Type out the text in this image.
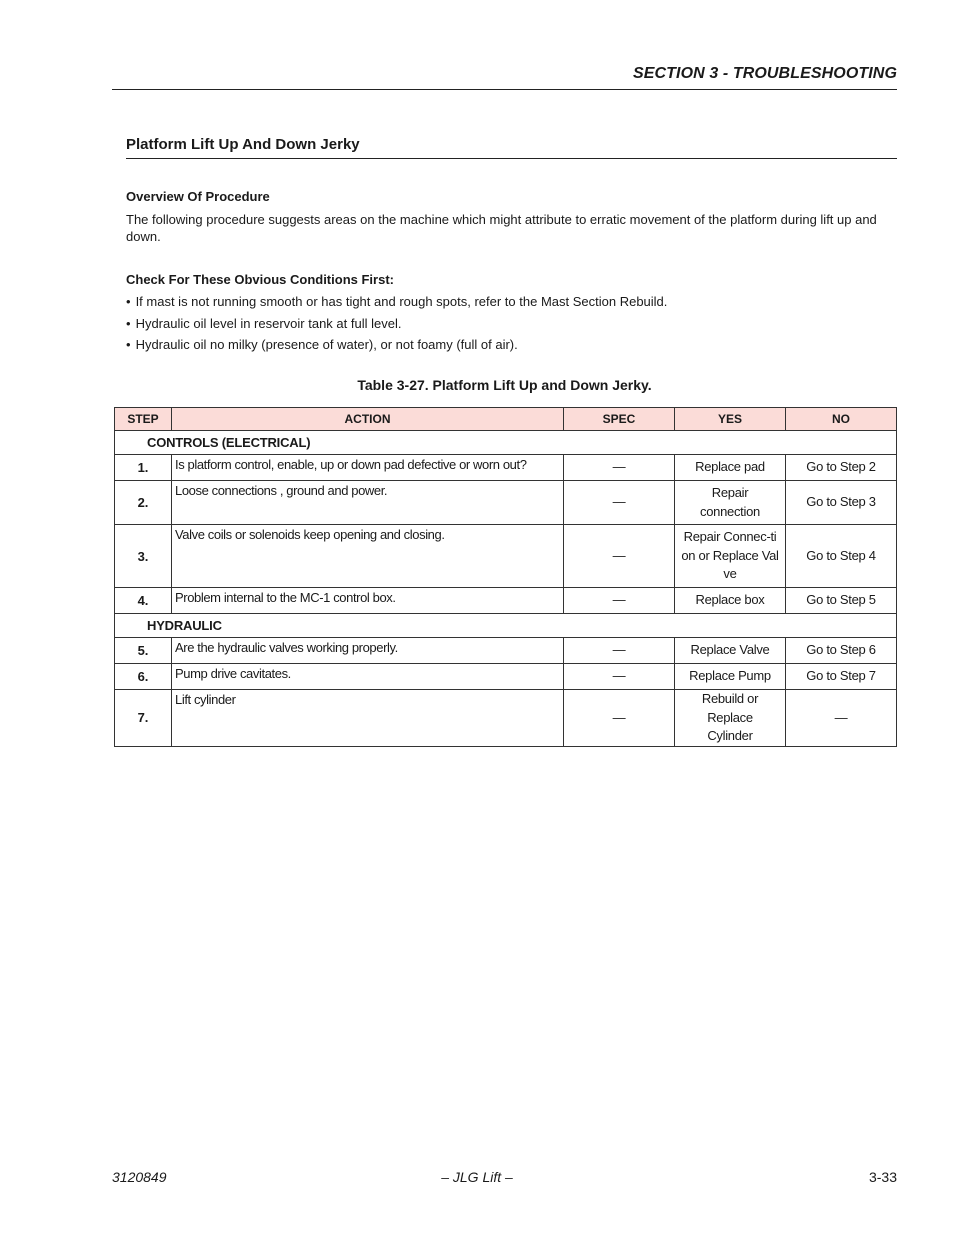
SECTION 3 - TROUBLESHOOTING
Platform Lift Up And Down Jerky
Overview Of Procedure
The following procedure suggests areas on the machine which might attribute to erratic movement of the platform during lift up and down.
Check For These Obvious Conditions First:
• If mast is not running smooth or has tight and rough spots, refer to the Mast Section Rebuild.
• Hydraulic oil level in reservoir tank at full level.
• Hydraulic oil no milky (presence of water), or not foamy (full of air).
Table 3-27. Platform Lift Up and Down Jerky.
STEP	ACTION	SPEC	YES	NO
CONTROLS (ELECTRICAL)				
1.	Is platform control, enable, up or down pad defective or worn out?	—	Replace pad	Go to Step 2
2.	Loose connections , ground and power.	—	Repair connection	Go to Step 3
3.	Valve coils or solenoids keep opening and closing.	—	Repair Connec-tion or Replace Valve	Go to Step 4
4.	Problem internal to the MC-1 control box.	—	Replace box	Go to Step 5
HYDRAULIC				
5.	Are the hydraulic valves working properly.	—	Replace Valve	Go to Step 6
6.	Pump drive cavitates.	—	Replace Pump	Go to Step 7
7.	Lift cylinder	—	Rebuild or Replace Cylinder	—
3120849	– JLG Lift –	3-33
